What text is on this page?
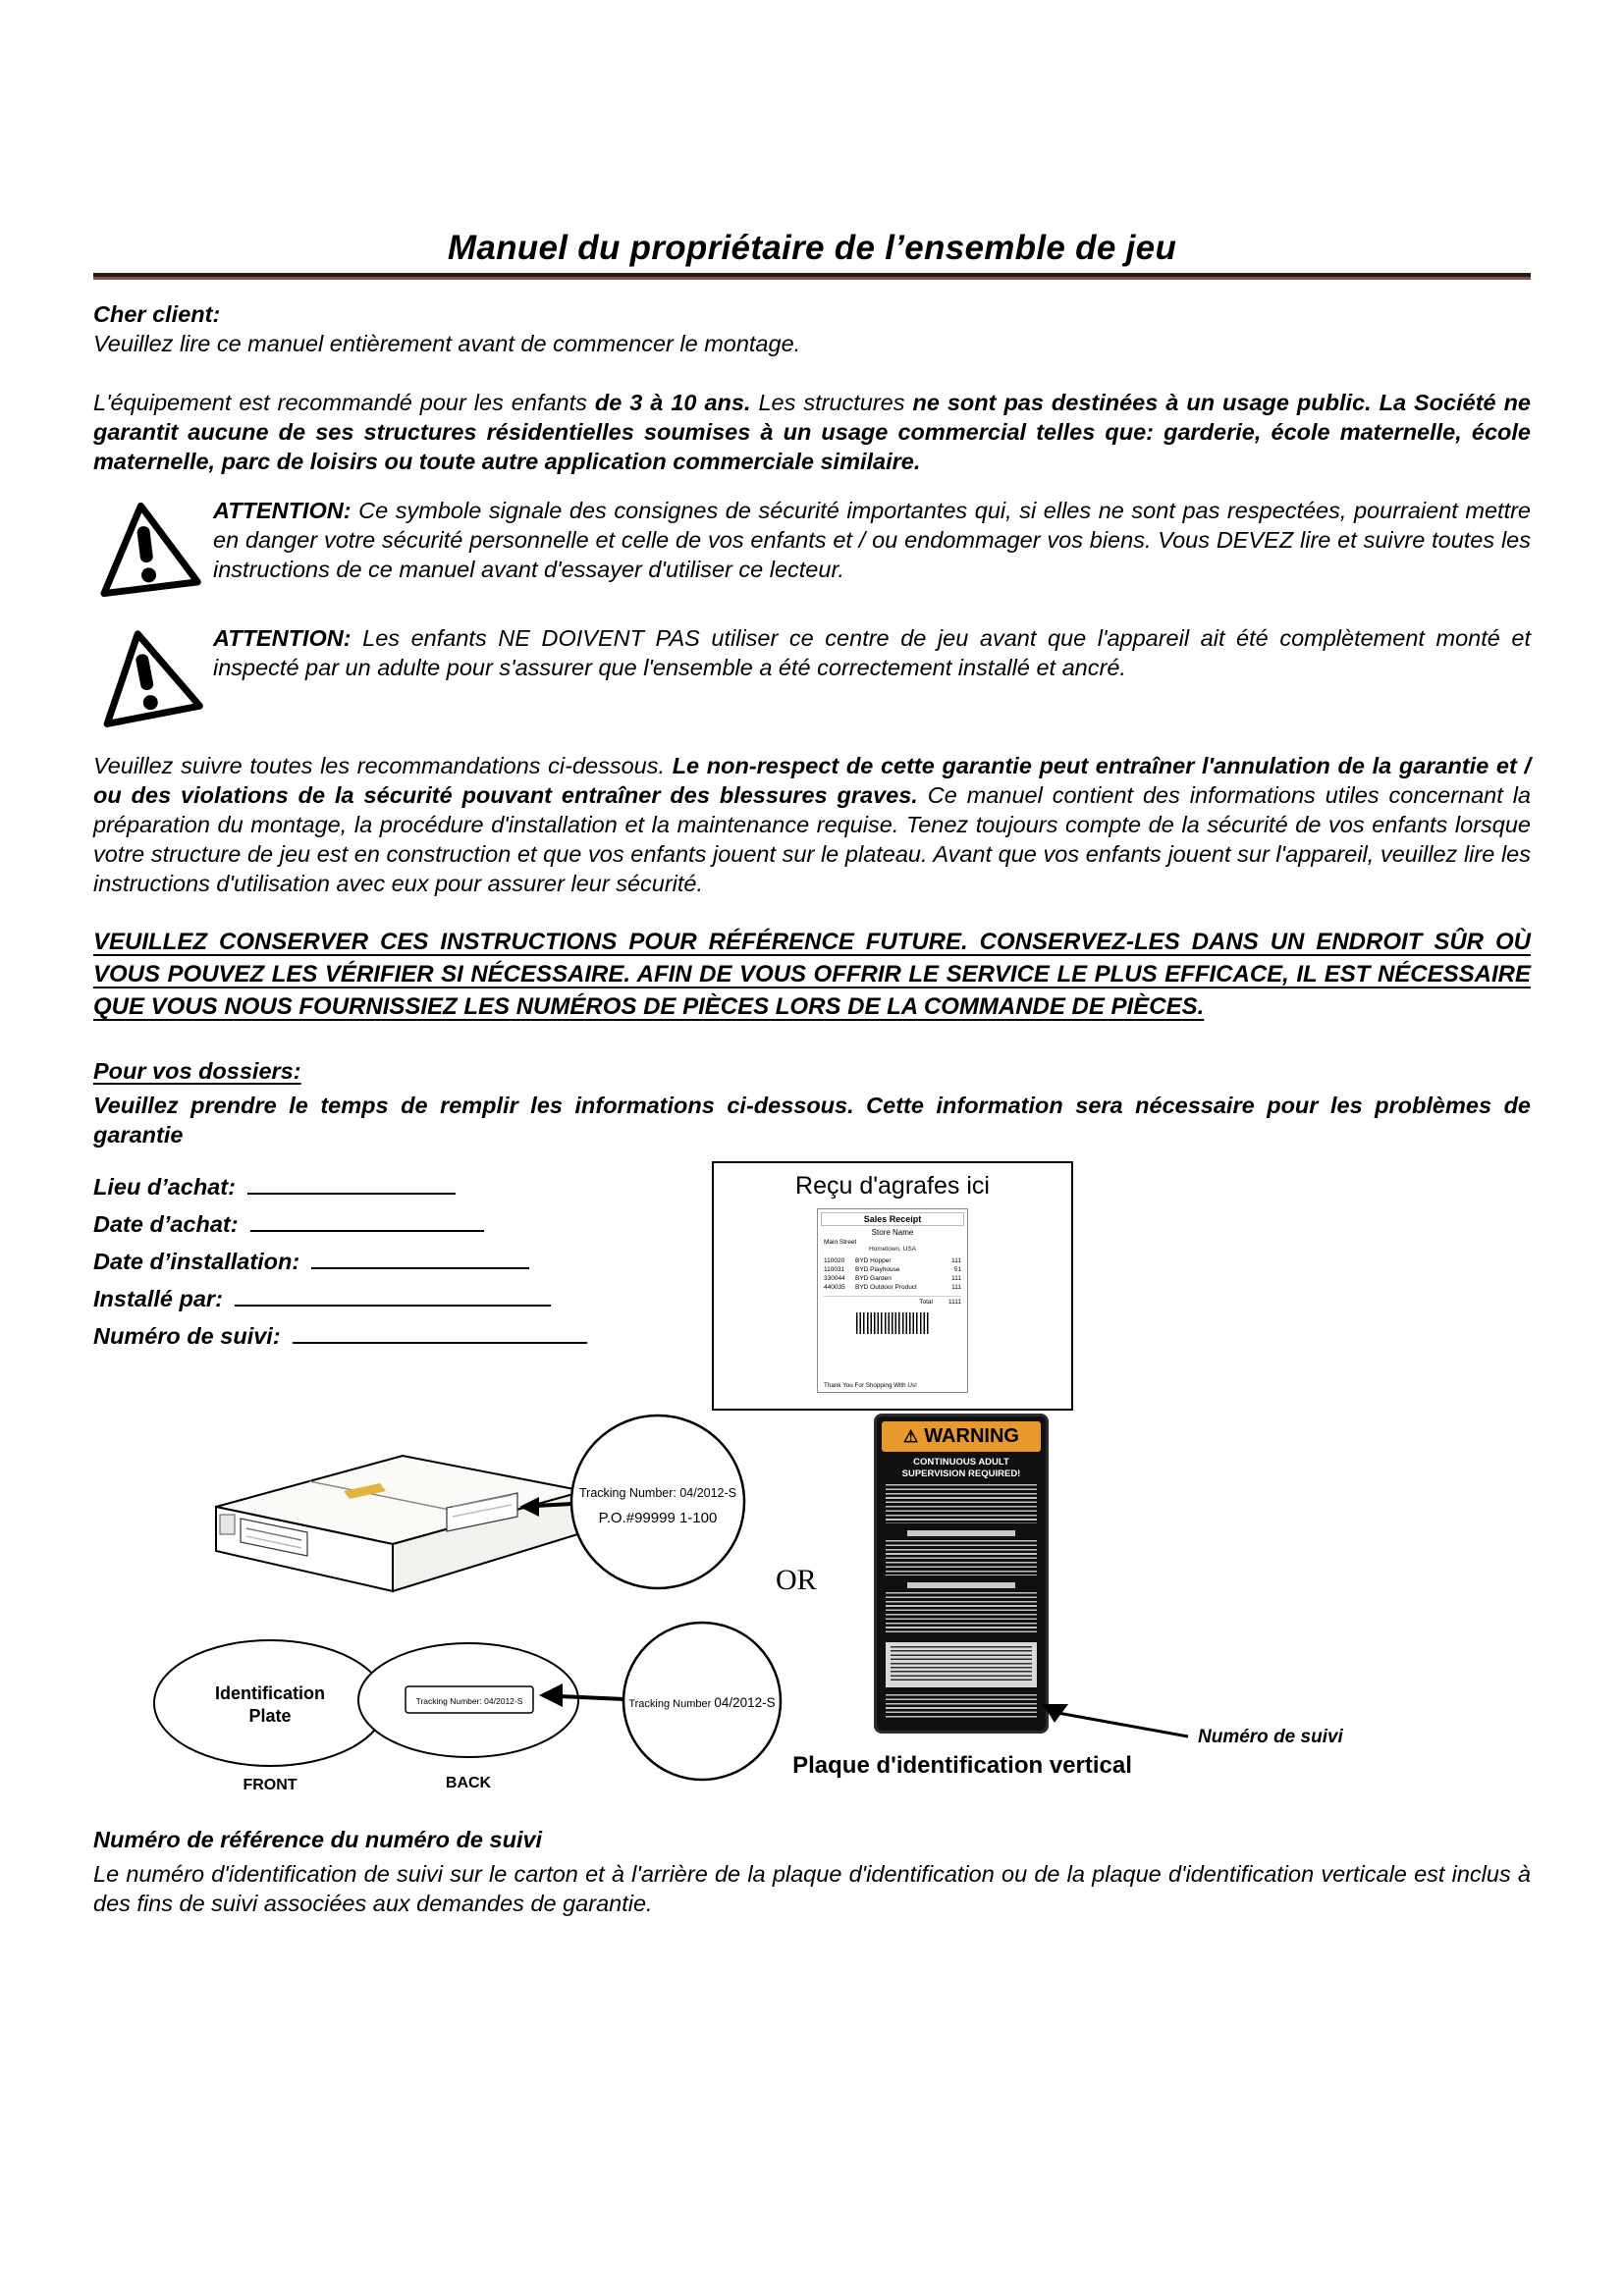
Manuel du propriétaire de l’ensemble de jeu

Cher client:
Veuillez lire ce manuel entièrement avant de commencer le montage.

L'équipement est recommandé pour les enfants de 3 à 10 ans. Les structures ne sont pas destinées à un usage public. La Société ne garantit aucune de ses structures résidentielles soumises à un usage commercial telles que: garderie, école maternelle, école maternelle, parc de loisirs ou toute autre application commerciale similaire.

ATTENTION: Ce symbole signale des consignes de sécurité importantes qui, si elles ne sont pas respectées, pourraient mettre en danger votre sécurité personnelle et celle de vos enfants et / ou endommager vos biens. Vous DEVEZ lire et suivre toutes les instructions de ce manuel avant d'essayer d'utiliser ce lecteur.

ATTENTION: Les enfants NE DOIVENT PAS utiliser ce centre de jeu avant que l'appareil ait été complètement monté et inspecté par un adulte pour s'assurer que l'ensemble a été correctement installé et ancré.

Veuillez suivre toutes les recommandations ci-dessous. Le non-respect de cette garantie peut entraîner l'annulation de la garantie et / ou des violations de la sécurité pouvant entraîner des blessures graves. Ce manuel contient des informations utiles concernant la préparation du montage, la procédure d'installation et la maintenance requise. Tenez toujours compte de la sécurité de vos enfants lorsque votre structure de jeu est en construction et que vos enfants jouent sur le plateau. Avant que vos enfants jouent sur l'appareil, veuillez lire les instructions d'utilisation avec eux pour assurer leur sécurité.

VEUILLEZ CONSERVER CES INSTRUCTIONS POUR RÉFÉRENCE FUTURE. CONSERVEZ-LES DANS UN ENDROIT SÛR OÙ VOUS POUVEZ LES VÉRIFIER SI NÉCESSAIRE. AFIN DE VOUS OFFRIR LE SERVICE LE PLUS EFFICACE, IL EST NÉCESSAIRE QUE VOUS NOUS FOURNISSIEZ LES NUMÉROS DE PIÈCES LORS DE LA COMMANDE DE PIÈCES.

Pour vos dossiers:

Veuillez prendre le temps de remplir les informations ci-dessous. Cette information sera nécessaire pour les problèmes de garantie

Lieu d’achat:
Date d’achat:
Date d’installation:
Installé par:
Numéro de suivi:
Reçu d'agrafes ici
Sales Receipt
Store Name
Main Street
Hometown, USA
110020	BYD Hopper	111
110031	BYD Playhouse	51
330044	BYD Garden	111
440035	BYD Outdoor Product	111
Total 1111
Thank You For Shopping With Us!
Tracking Number: 04/2012-S
P.O.#99999 1-100
Identification
Plate
FRONT
Tracking Number: 04/2012-S
BACK
Tracking Number 04/2012-S
OR
⚠ WARNING
CONTINUOUS ADULT SUPERVISION REQUIRED!
Numéro de suivi
Plaque d'identification vertical
Numéro de référence du numéro de suivi

Le numéro d'identification de suivi sur le carton et à l'arrière de la plaque d'identification ou de la plaque d'identification verticale est inclus à des fins de suivi associées aux demandes de garantie.
